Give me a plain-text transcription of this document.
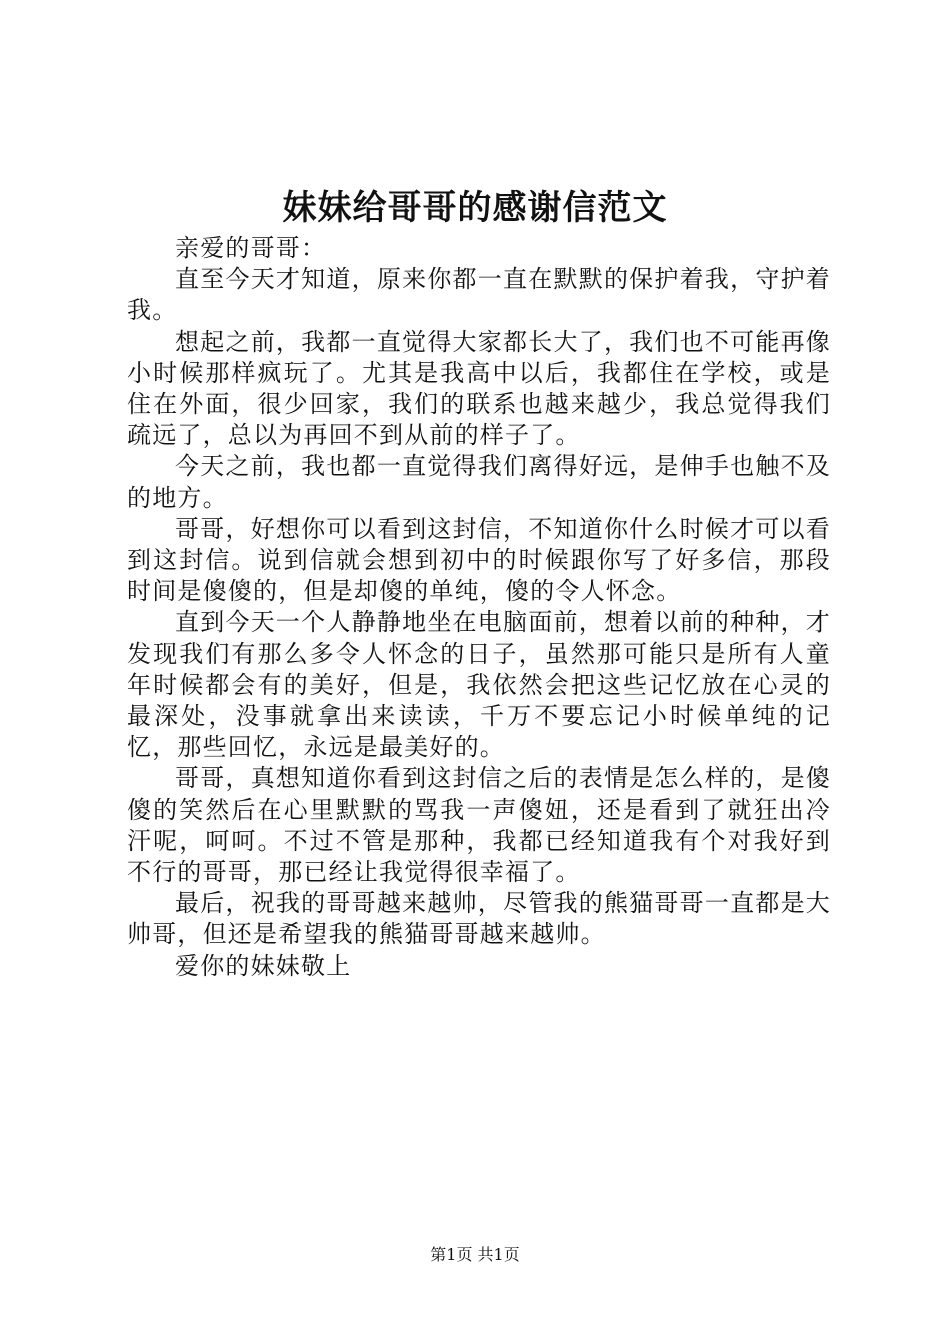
妹妹给哥哥的感谢信范文

亲爱的哥哥：

直至今天才知道，原来你都一直在默默的保护着我，守护着我。

想起之前，我都一直觉得大家都长大了，我们也不可能再像小时候那样疯玩了。尤其是我高中以后，我都住在学校，或是住在外面，很少回家，我们的联系也越来越少，我总觉得我们疏远了，总以为再回不到从前的样子了。

今天之前，我也都一直觉得我们离得好远，是伸手也触不及的地方。

哥哥，好想你可以看到这封信，不知道你什么时候才可以看到这封信。说到信就会想到初中的时候跟你写了好多信，那段时间是傻傻的，但是却傻的单纯，傻的令人怀念。

直到今天一个人静静地坐在电脑面前，想着以前的种种，才发现我们有那么多令人怀念的日子，虽然那可能只是所有人童年时候都会有的美好，但是，我依然会把这些记忆放在心灵的最深处，没事就拿出来读读，千万不要忘记小时候单纯的记忆，那些回忆，永远是最美好的。

哥哥，真想知道你看到这封信之后的表情是怎么样的，是傻傻的笑然后在心里默默的骂我一声傻妞，还是看到了就狂出冷汗呢，呵呵。不过不管是那种，我都已经知道我有个对我好到不行的哥哥，那已经让我觉得很幸福了。

最后，祝我的哥哥越来越帅，尽管我的熊猫哥哥一直都是大帅哥，但还是希望我的熊猫哥哥越来越帅。

爱你的妹妹敬上

第1页 共1页
